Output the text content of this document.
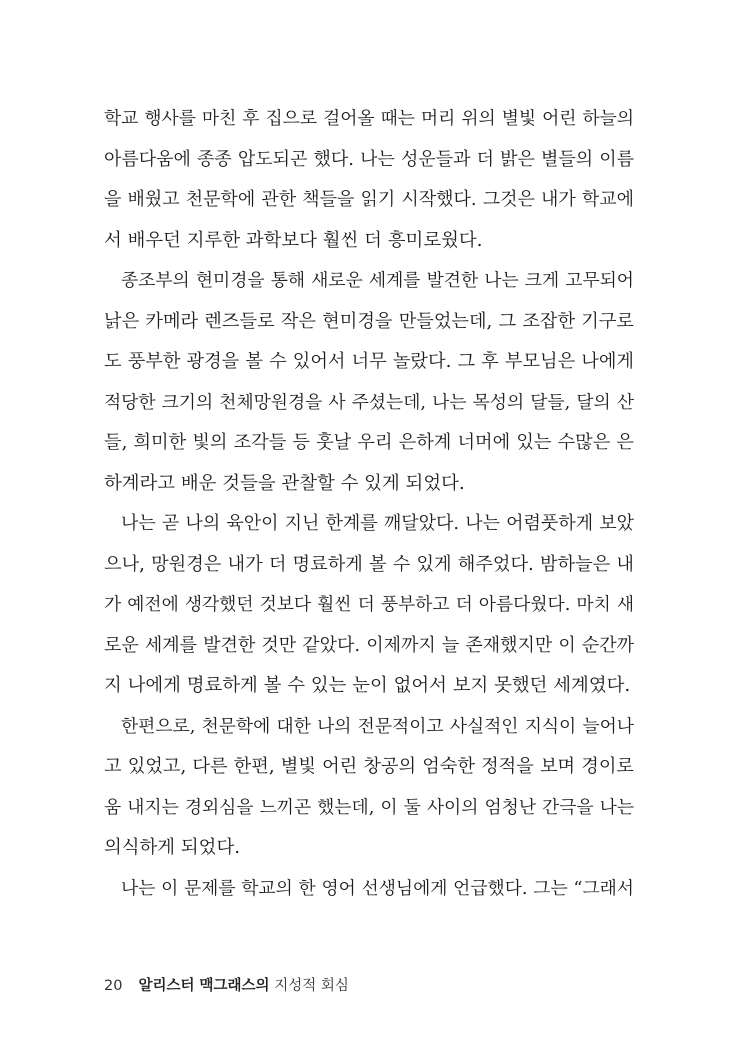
학교 행사를 마친 후 집으로 걸어올 때는 머리 위의 별빛 어린 하늘의
아름다움에 종종 압도되곤 했다. 나는 성운들과 더 밝은 별들의 이름
을 배웠고 천문학에 관한 책들을 읽기 시작했다. 그것은 내가 학교에
서 배우던 지루한 과학보다 훨씬 더 흥미로웠다.
종조부의 현미경을 통해 새로운 세계를 발견한 나는 크게 고무되어
낡은 카메라 렌즈들로 작은 현미경을 만들었는데, 그 조잡한 기구로
도 풍부한 광경을 볼 수 있어서 너무 놀랐다. 그 후 부모님은 나에게
적당한 크기의 천체망원경을 사 주셨는데, 나는 목성의 달들, 달의 산
들, 희미한 빛의 조각들 등 훗날 우리 은하계 너머에 있는 수많은 은
하계라고 배운 것들을 관찰할 수 있게 되었다.
나는 곧 나의 육안이 지닌 한계를 깨달았다. 나는 어렴풋하게 보았
으나, 망원경은 내가 더 명료하게 볼 수 있게 해주었다. 밤하늘은 내
가 예전에 생각했던 것보다 훨씬 더 풍부하고 더 아름다웠다. 마치 새
로운 세계를 발견한 것만 같았다. 이제까지 늘 존재했지만 이 순간까
지 나에게 명료하게 볼 수 있는 눈이 없어서 보지 못했던 세계였다.
한편으로, 천문학에 대한 나의 전문적이고 사실적인 지식이 늘어나
고 있었고, 다른 한편, 별빛 어린 창공의 엄숙한 정적을 보며 경이로
움 내지는 경외심을 느끼곤 했는데, 이 둘 사이의 엄청난 간극을 나는
의식하게 되었다.
나는 이 문제를 학교의 한 영어 선생님에게 언급했다. 그는 “그래서
20 알리스터 맥그래스의 지성적 회심
